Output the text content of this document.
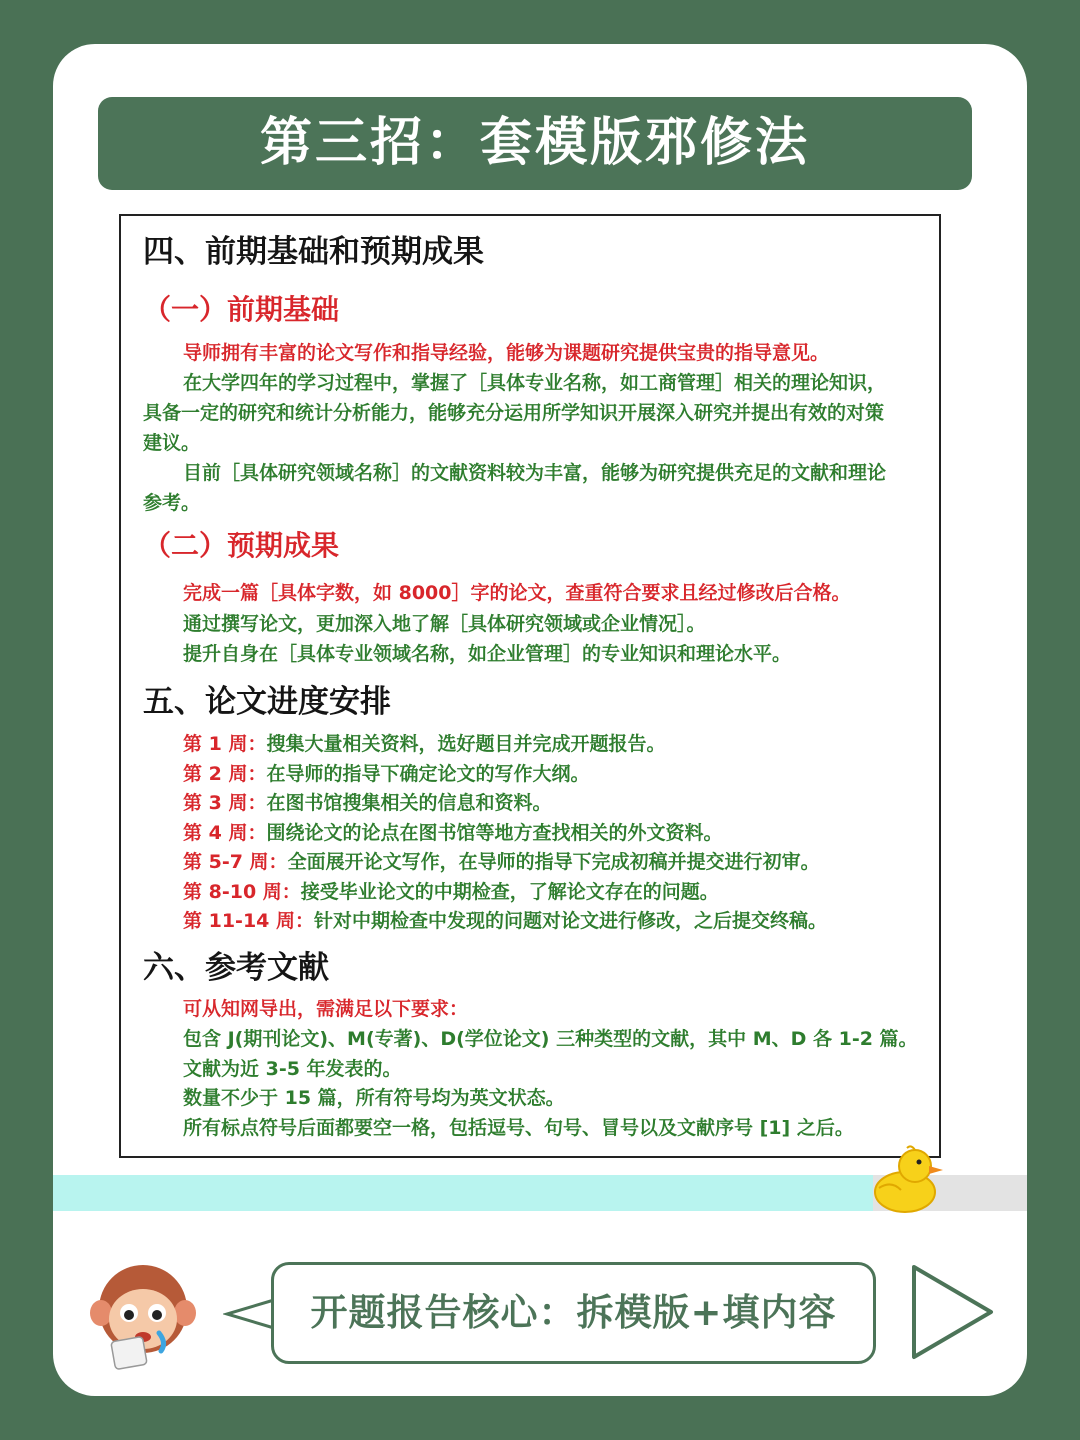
第三招：套模版邪修法
四、前期基础和预期成果
（一）前期基础
导师拥有丰富的论文写作和指导经验，能够为课题研究提供宝贵的指导意见。
在大学四年的学习过程中，掌握了［具体专业名称，如工商管理］相关的理论知识，
具备一定的研究和统计分析能力，能够充分运用所学知识开展深入研究并提出有效的对策
建议。
目前［具体研究领域名称］的文献资料较为丰富，能够为研究提供充足的文献和理论
参考。
（二）预期成果
完成一篇［具体字数，如 8000］字的论文，查重符合要求且经过修改后合格。
通过撰写论文，更加深入地了解［具体研究领域或企业情况］。
提升自身在［具体专业领域名称，如企业管理］的专业知识和理论水平。
五、论文进度安排
第 1 周：搜集大量相关资料，选好题目并完成开题报告。
第 2 周：在导师的指导下确定论文的写作大纲。
第 3 周：在图书馆搜集相关的信息和资料。
第 4 周：围绕论文的论点在图书馆等地方查找相关的外文资料。
第 5-7 周：全面展开论文写作，在导师的指导下完成初稿并提交进行初审。
第 8-10 周：接受毕业论文的中期检查，了解论文存在的问题。
第 11-14 周：针对中期检查中发现的问题对论文进行修改，之后提交终稿。
六、参考文献
可从知网导出，需满足以下要求：
包含 J(期刊论文)、M(专著)、D(学位论文) 三种类型的文献，其中 M、D 各 1-2 篇。
文献为近 3-5 年发表的。
数量不少于 15 篇，所有符号均为英文状态。
所有标点符号后面都要空一格，包括逗号、句号、冒号以及文献序号 [1] 之后。
开题报告核心：拆模版+填内容
